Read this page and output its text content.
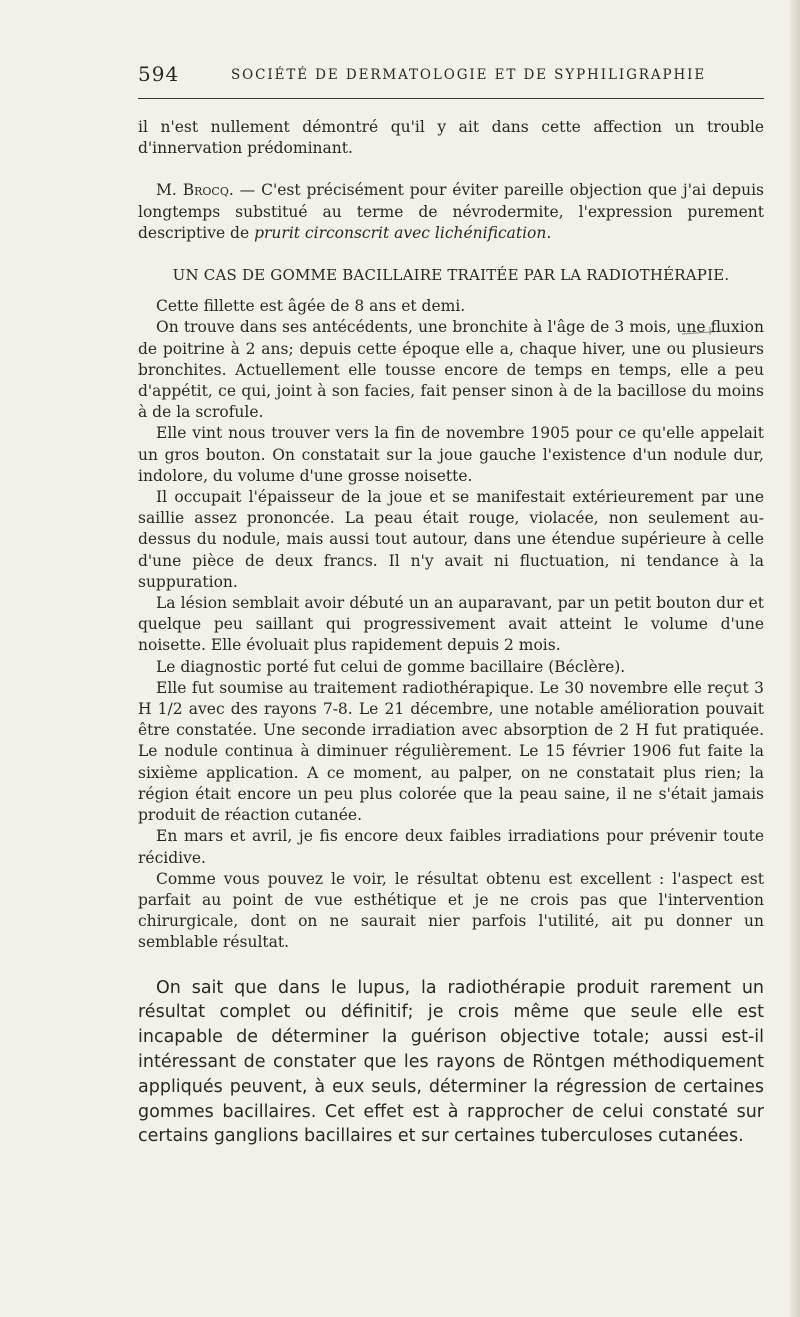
594	SOCIÉTÉ DE DERMATOLOGIE ET DE SYPHILIGRAPHIE

il n'est nullement démontré qu'il y ait dans cette affection un trouble d'innervation prédominant.

M. Brocq. — C'est précisément pour éviter pareille objection que j'ai depuis longtemps substitué au terme de névrodermite, l'expression purement descriptive de prurit circonscrit avec lichénification.

UN CAS DE GOMME BACILLAIRE TRAITÉE PAR LA RADIOTHÉRAPIE.

Cette fillette est âgée de 8 ans et demi.

On trouve dans ses antécédents, une bronchite à l'âge de 3 mois, une fluxion de poitrine à 2 ans; depuis cette époque elle a, chaque hiver, une ou plusieurs bronchites. Actuellement elle tousse encore de temps en temps, elle a peu d'appétit, ce qui, joint à son facies, fait penser sinon à de la bacillose du moins à de la scrofule.

Elle vint nous trouver vers la fin de novembre 1905 pour ce qu'elle appelait un gros bouton. On constatait sur la joue gauche l'existence d'un nodule dur, indolore, du volume d'une grosse noisette.

Il occupait l'épaisseur de la joue et se manifestait extérieurement par une saillie assez prononcée. La peau était rouge, violacée, non seulement au-dessus du nodule, mais aussi tout autour, dans une étendue supérieure à celle d'une pièce de deux francs. Il n'y avait ni fluctuation, ni tendance à la suppuration.

La lésion semblait avoir débuté un an auparavant, par un petit bouton dur et quelque peu saillant qui progressivement avait atteint le volume d'une noisette. Elle évoluait plus rapidement depuis 2 mois.

Le diagnostic porté fut celui de gomme bacillaire (Béclère).

Elle fut soumise au traitement radiothérapique. Le 30 novembre elle reçut 3 H 1/2 avec des rayons 7-8. Le 21 décembre, une notable amélioration pouvait être constatée. Une seconde irradiation avec absorption de 2 H fut pratiquée. Le nodule continua à diminuer régulièrement. Le 15 février 1906 fut faite la sixième application. A ce moment, au palper, on ne constatait plus rien; la région était encore un peu plus colorée que la peau saine, il ne s'était jamais produit de réaction cutanée.

En mars et avril, je fis encore deux faibles irradiations pour prévenir toute récidive.

Comme vous pouvez le voir, le résultat obtenu est excellent : l'aspect est parfait au point de vue esthétique et je ne crois pas que l'intervention chirurgicale, dont on ne saurait nier parfois l'utilité, ait pu donner un semblable résultat.

On sait que dans le lupus, la radiothérapie produit rarement un résultat complet ou définitif; je crois même que seule elle est incapable de déterminer la guérison objective totale; aussi est-il intéressant de constater que les rayons de Röntgen méthodiquement appliqués peuvent, à eux seuls, déterminer la régression de certaines gommes bacillaires. Cet effet est à rapprocher de celui constaté sur certains ganglions bacillaires et sur certaines tuberculoses cutanées.
